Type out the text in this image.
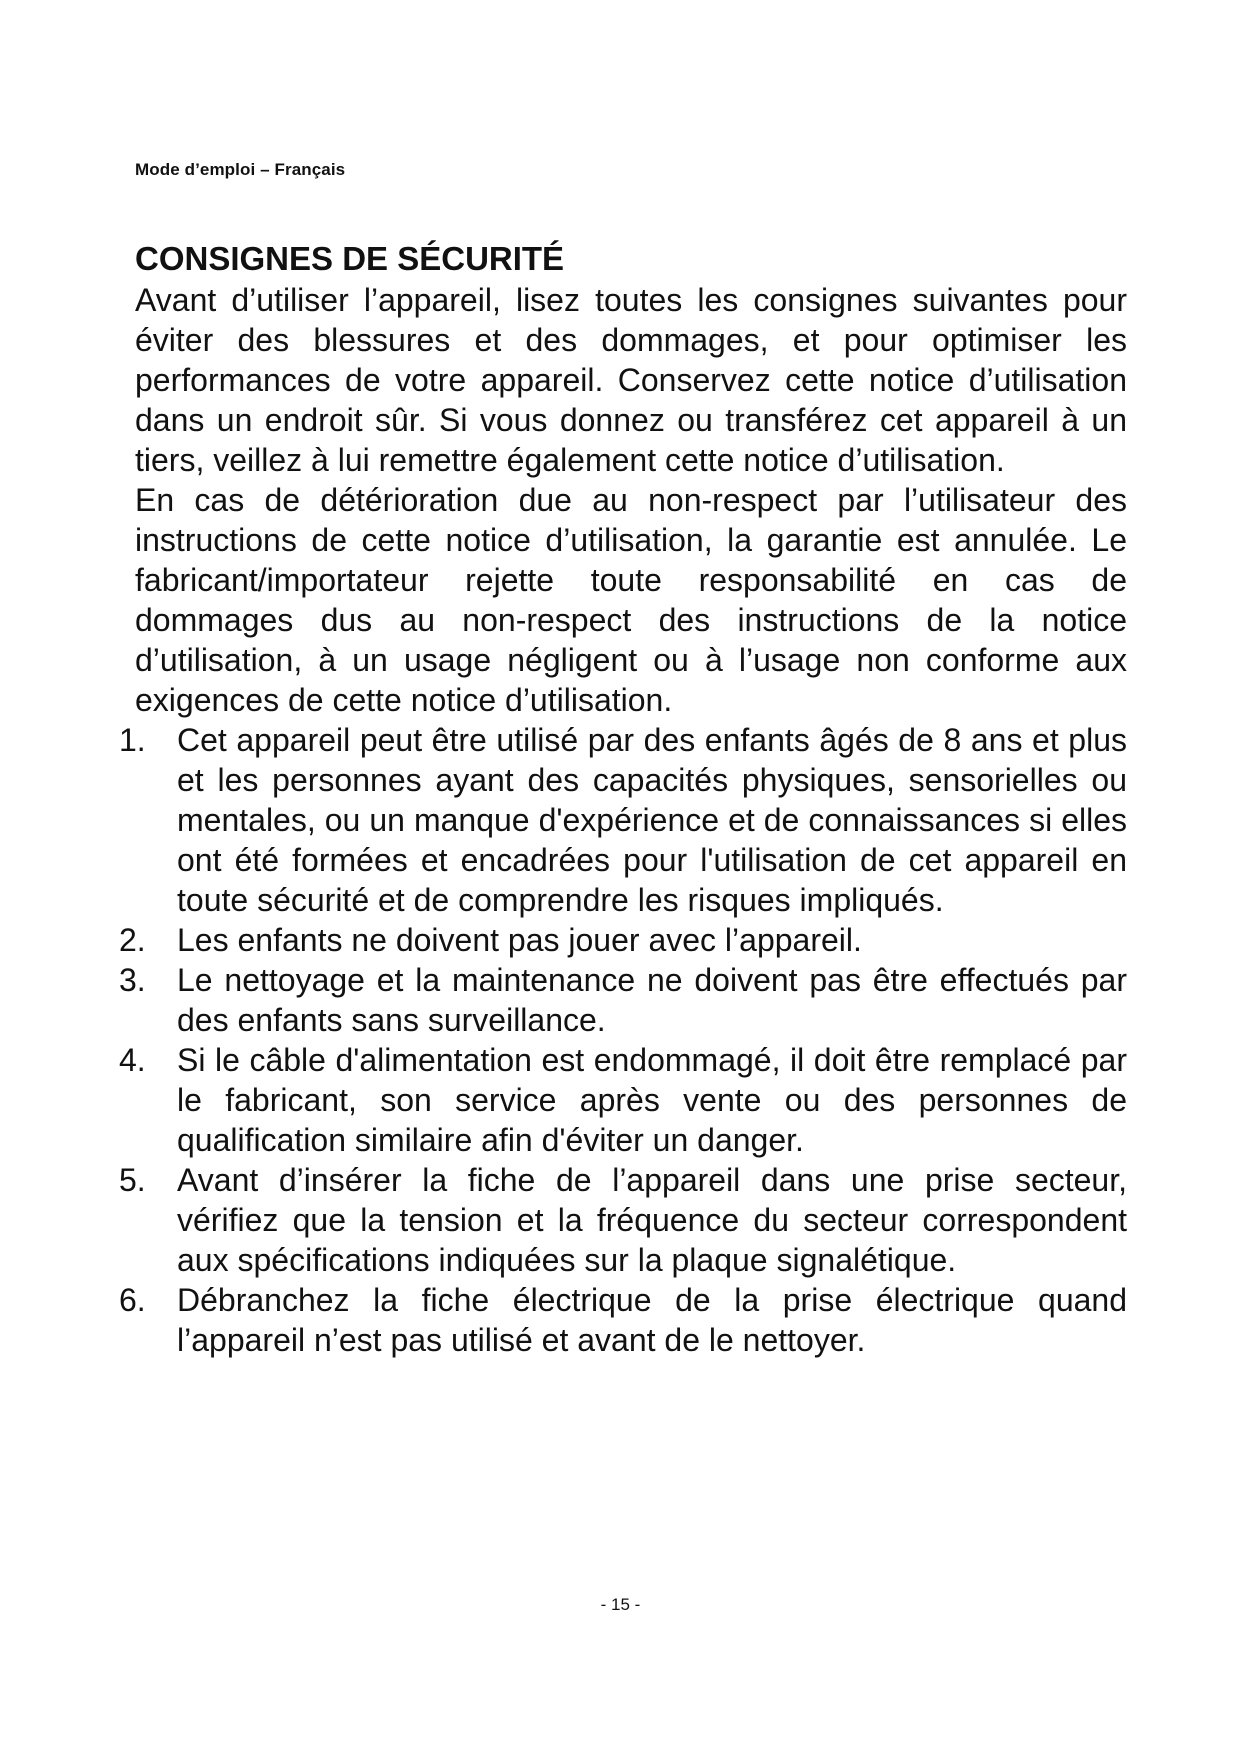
Mode d’emploi – Français
CONSIGNES DE SÉCURITÉ

Avant d’utiliser l’appareil, lisez toutes les consignes suivantes pour éviter des blessures et des dommages, et pour optimiser les performances de votre appareil. Conservez cette notice d’utilisation dans un endroit sûr. Si vous donnez ou transférez cet appareil à un tiers, veillez à lui remettre également cette notice d’utilisation.

En cas de détérioration due au non-respect par l’utilisateur des instructions de cette notice d’utilisation, la garantie est annulée. Le fabricant/importateur rejette toute responsabilité en cas de dommages dus au non-respect des instructions de la notice d’utilisation, à un usage négligent ou à l’usage non conforme aux exigences de cette notice d’utilisation.

1. Cet appareil peut être utilisé par des enfants âgés de 8 ans et plus et les personnes ayant des capacités physiques, sensorielles ou mentales, ou un manque d'expérience et de connaissances si elles ont été formées et encadrées pour l'utilisation de cet appareil en toute sécurité et de comprendre les risques impliqués.
2. Les enfants ne doivent pas jouer avec l’appareil.
3. Le nettoyage et la maintenance ne doivent pas être effectués par des enfants sans surveillance.
4. Si le câble d'alimentation est endommagé, il doit être remplacé par le fabricant, son service après vente ou des personnes de qualification similaire afin d'éviter un danger.
5. Avant d’insérer la fiche de l’appareil dans une prise secteur, vérifiez que la tension et la fréquence du secteur correspondent aux spécifications indiquées sur la plaque signalétique.
6. Débranchez la fiche électrique de la prise électrique quand l’appareil n’est pas utilisé et avant de le nettoyer.
- 15 -
